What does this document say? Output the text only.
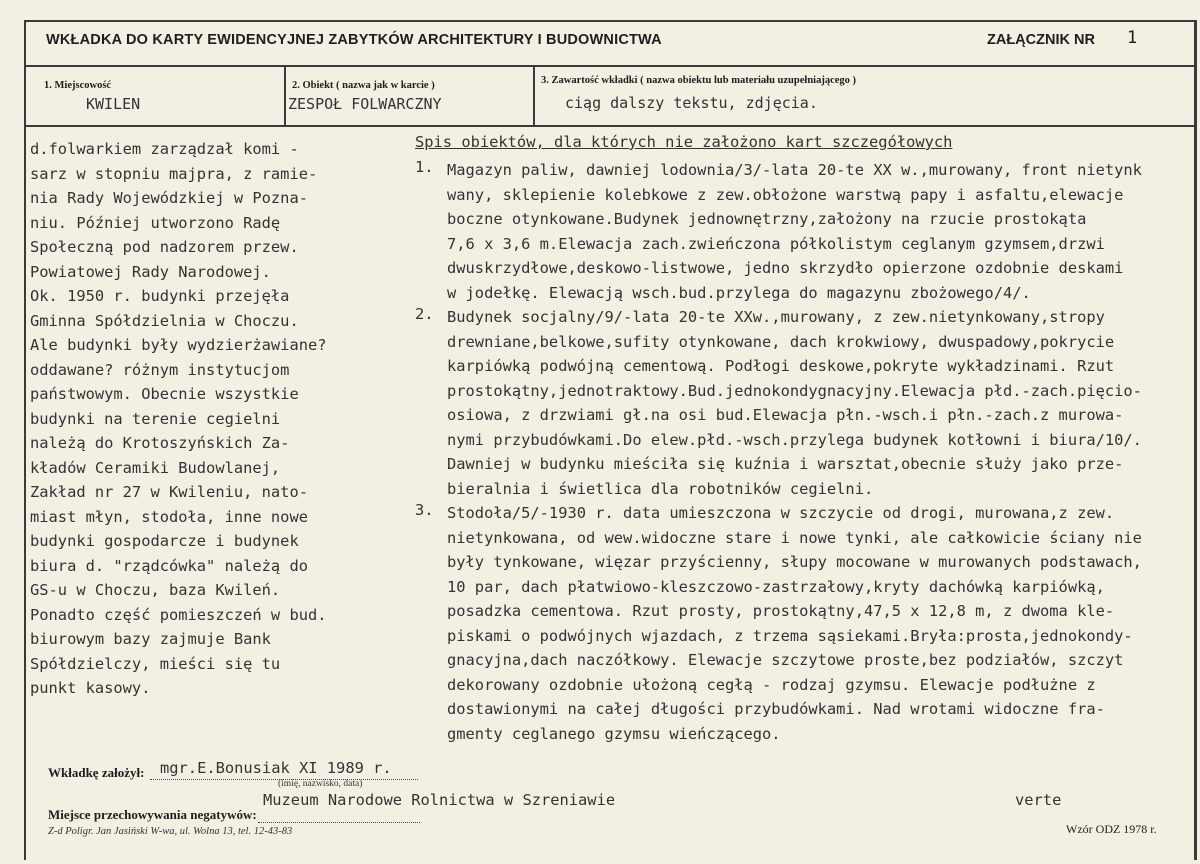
WKŁADKA DO KARTY EWIDENCYJNEJ ZABYTKÓW ARCHITEKTURY I BUDOWNICTWA	ZAŁĄCZNIK NR 1
1. Miejscowość
KWILEN
2. Obiekt ( nazwa jak w karcie )
ZESPOŁ FOLWARCZNY
3. Zawartość wkładki ( nazwa obiektu lub materiału uzupełniającego )
ciąg dalszy tekstu, zdjęcia.
d.folwarkiem zarządzał komi -
sarz w stopniu majpra, z ramie-
nia Rady Wojewódzkiej w Pozna-
niu. Później utworzono Radę
Społeczną pod nadzorem przew.
Powiatowej Rady Narodowej.
Ok. 1950 r. budynki przejęła
Gminna Spółdzielnia w Choczu.
Ale budynki były wydzierżawiane?
oddawane? różnym instytucjom
państwowym. Obecnie wszystkie
budynki na terenie cegielni
należą do Krotoszyńskich Za-
kładów Ceramiki Budowlanej,
Zakład nr 27 w Kwileniu, nato-
miast młyn, stodoła, inne nowe
budynki gospodarcze i budynek
biura d. "rządcówka" należą do
GS-u w Choczu, baza Kwileń.
Ponadto część pomieszczeń w bud.
biurowym bazy zajmuje Bank
Spółdzielczy, mieści się tu
punkt kasowy.
Spis obiektów, dla których nie założono kart szczegółowych
1. Magazyn paliw, dawniej lodownia/3/-lata 20-te XX w.,murowany, front nietynk
wany, sklepienie kolebkowe z zew.obłożone warstwą papy i asfaltu,elewacje
boczne otynkowane.Budynek jednownętrzny,założony na rzucie prostokąta
7,6 x 3,6 m.Elewacja zach.zwieńczona półkolistym ceglanym gzymsem,drzwi
dwuskrzydłowe,deskowo-listwowe, jedno skrzydło opierzone ozdobnie deskami
w jodełkę. Elewacją wsch.bud.przylega do magazynu zbożowego/4/.
2. Budynek socjalny/9/-lata 20-te XXw.,murowany, z zew.nietynkowany,stropy
drewniane,belkowe,sufity otynkowane, dach krokwiowy, dwuspadowy,pokrycie
karpiówką podwójną cementową. Podłogi deskowe,pokryte wykładzinami. Rzut
prostokątny,jednotraktowy.Bud.jednokondygnacyjny.Elewacja płd.-zach.pięcio-
osiowa, z drzwiami gł.na osi bud.Elewacja płn.-wsch.i płn.-zach.z murowa-
nymi przybudówkami.Do elew.płd.-wsch.przylega budynek kotłowni i biura/10/.
Dawniej w budynku mieściła się kuźnia i warsztat,obecnie służy jako prze-
bieralnia i świetlica dla robotników cegielni.
3. Stodoła/5/-1930 r. data umieszczona w szczycie od drogi, murowana,z zew.
nietynkowana, od wew.widoczne stare i nowe tynki, ale całkowicie ściany nie
były tynkowane, więzar przyścienny, słupy mocowane w murowanych podstawach,
10 par, dach płatwiowo-kleszczowo-zastrzałowy,kryty dachówką karpiówką,
posadzka cementowa. Rzut prosty, prostokątny,47,5 x 12,8 m, z dwoma kle-
piskami o podwójnych wjazdach, z trzema sąsiekami.Bryła:prosta,jednokondy-
gnacyjna,dach naczółkowy. Elewacje szczytowe proste,bez podziałów, szczyt
dekorowany ozdobnie ułożoną cegłą - rodzaj gzymsu. Elewacje podłużne z
dostawionymi na całej długości przybudówkami. Nad wrotami widoczne fra-
gmenty ceglanego gzymsu wieńczącego.
Wkładkę założył: mgr.E.Bonusiak XI 1989 r.
(imię, nazwisko, data)
Miejsce przechowywania negatywów:
Muzeum Narodowe Rolnictwa w Szreniawie	verte
Z-d Poligr. Jan Jasiński W-wa, ul. Wolna 13, tel. 12-43-83	Wzór ODZ 1978 r.
